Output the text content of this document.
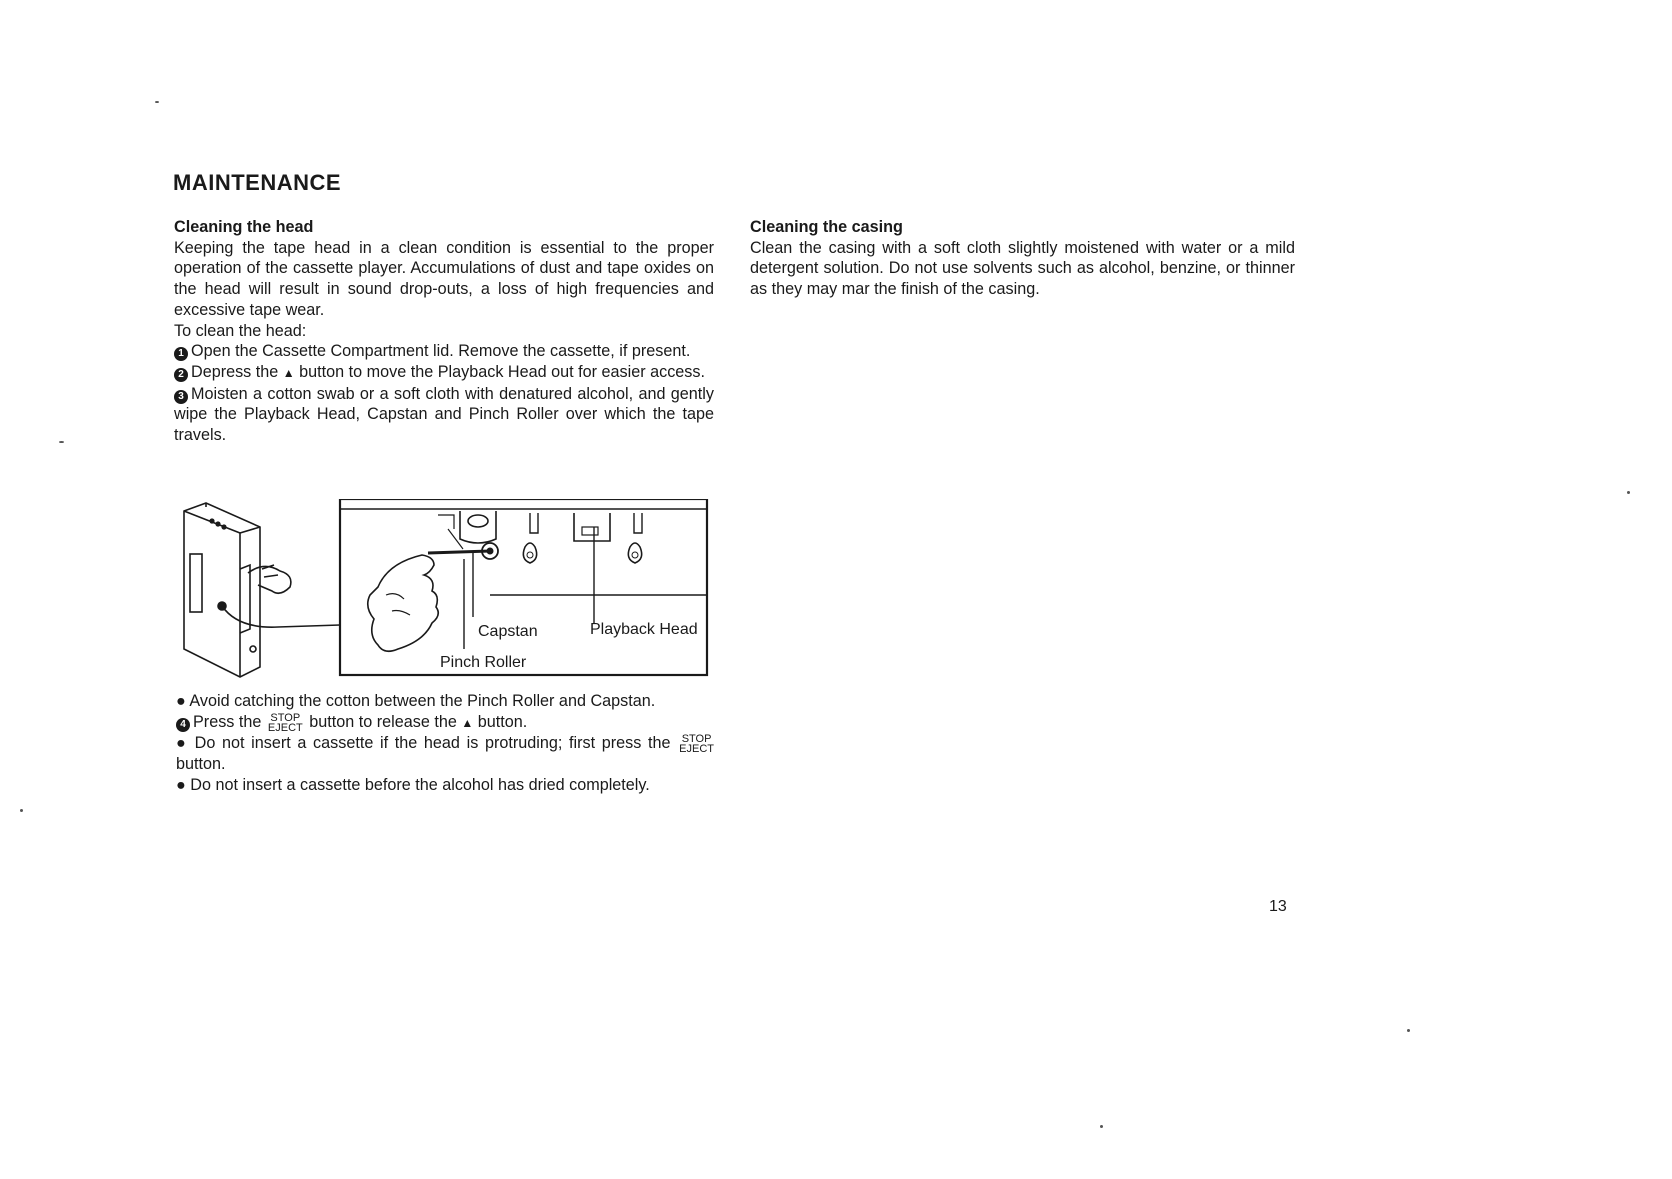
MAINTENANCE
Cleaning the head

Keeping the tape head in a clean condition is essential to the proper operation of the cassette player. Accumulations of dust and tape oxides on the head will result in sound drop-outs, a loss of high frequencies and excessive tape wear.

To clean the head:

1 Open the Cassette Compartment lid. Remove the cassette, if present.

2 Depress the ▲ button to move the Playback Head out for easier access.

3 Moisten a cotton swab or a soft cloth with denatured alcohol, and gently wipe the Playback Head, Capstan and Pinch Roller over which the tape travels.

Capstan	Playback Head
Pinch Roller

● Avoid catching the cotton between the Pinch Roller and Capstan.

4 Press the STOP
EJECT button to release the ▲ button.

● Do not insert a cassette if the head is protruding; first press the STOP
EJECT
button.

● Do not insert a cassette before the alcohol has dried completely.

Cleaning the casing

Clean the casing with a soft cloth slightly moistened with water or a mild detergent solution. Do not use solvents such as alcohol, benzine, or thinner as they may mar the finish of the casing.

13
